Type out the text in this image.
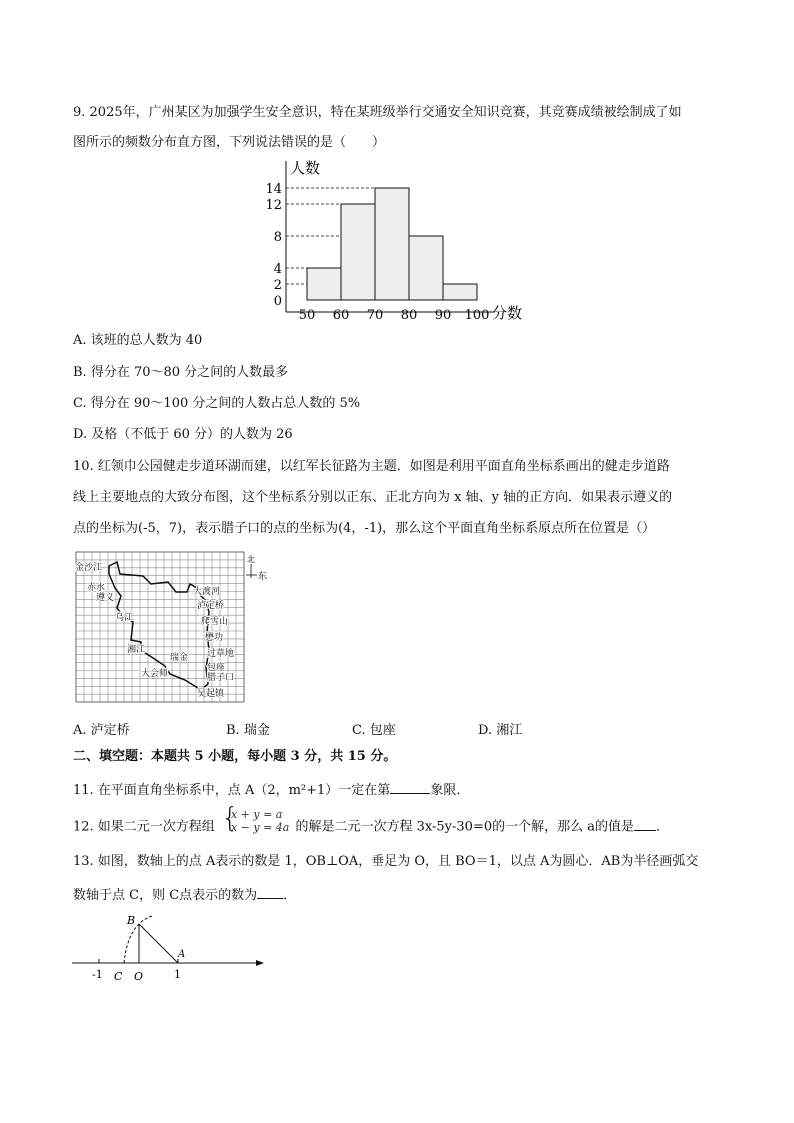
9. 2025年，广州某区为加强学生安全意识，特在某班级举行交通安全知识竞赛，其竞赛成绩被绘制成了如
图所示的频数分布直方图，下列说法错误的是（　　）
0
2
4
8
12
14
50 60 70 80 90 100
人数
分数
A. 该班的总人数为 40
B. 得分在 70～80 分之间的人数最多
C. 得分在 90～100 分之间的人数占总人数的 5%
D. 及格（不低于 60 分）的人数为 26
10. 红领巾公园健走步道环湖而建，以红军长征路为主题．如图是利用平面直角坐标系画出的健走步道路
线上主要地点的大致分布图，这个坐标系分别以正东、正北方向为 x 轴、y 轴的正方向．如果表示遵义的
点的坐标为(-5，7)，表示腊子口的点的坐标为(4，-1)，那么这个平面直角坐标系原点所在位置是（）
金沙江
赤水
遵义
乌江
湘江
瑞金
大会师
大渡河
泸定桥
爬雪山
懋功
过草地
包座
腊子口
吴起镇
北
东
A. 泸定桥	B. 瑞金	C. 包座	D. 湘江
二、填空题：本题共 5 小题，每小题 3 分，共 15 分。
11. 在平面直角坐标系中，点 A（2，m²+1）一定在第	象限．
12. 如果二元一次方程组 {
x + y = a
x − y = 4a 的解是二元一次方程 3x-5y-30=0的一个解，那么 a的值是 ．
13. 如图，数轴上的点 A表示的数是 1，OB⊥OA，垂足为 O，且 BO＝1，以点 A为圆心．AB为半径画弧交
数轴于点 C，则 C点表示的数为 ．
B
A
-1 C O	1
